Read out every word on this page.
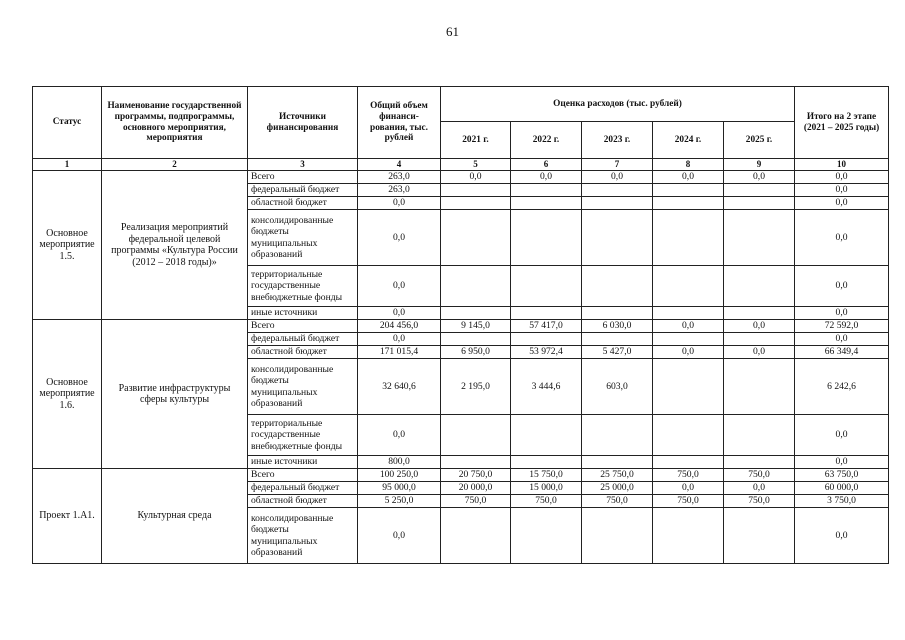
61
Статус	Наименование государственной программы, подпрограммы, основного мероприятия, мероприятия	Источники финансирования	Общий объем финанси-рования, тыс. рублей	Оценка расходов (тыс. рублей)					Итого на 2 этапе (2021 – 2025 годы)
				2021 г.	2022 г.	2023 г.	2024 г.	2025 г.	
1	2	3	4	5	6	7	8	9	10
Основное мероприятие 1.5.	Реализация мероприятий федеральной целевой программы «Культура России (2012 – 2018 годы)»	Всего	263,0	0,0	0,0	0,0	0,0	0,0	0,0
		федеральный бюджет	263,0						0,0
		областной бюджет	0,0						0,0
		консолидированные бюджеты муниципальных образований	0,0						0,0
		территориальные государственные внебюджетные фонды	0,0						0,0
		иные источники	0,0						0,0
Основное мероприятие 1.6.	Развитие инфраструктуры сферы культуры	Всего	204 456,0	9 145,0	57 417,0	6 030,0	0,0	0,0	72 592,0
		федеральный бюджет	0,0						0,0
		областной бюджет	171 015,4	6 950,0	53 972,4	5 427,0	0,0	0,0	66 349,4
		консолидированные бюджеты муниципальных образований	32 640,6	2 195,0	3 444,6	603,0			6 242,6
		территориальные государственные внебюджетные фонды	0,0						0,0
		иные источники	800,0						0,0
Проект 1.А1.	Культурная среда	Всего	100 250,0	20 750,0	15 750,0	25 750,0	750,0	750,0	63 750,0
		федеральный бюджет	95 000,0	20 000,0	15 000,0	25 000,0	0,0	0,0	60 000,0
		областной бюджет	5 250,0	750,0	750,0	750,0	750,0	750,0	3 750,0
		консолидированные бюджеты муниципальных образований	0,0						0,0
